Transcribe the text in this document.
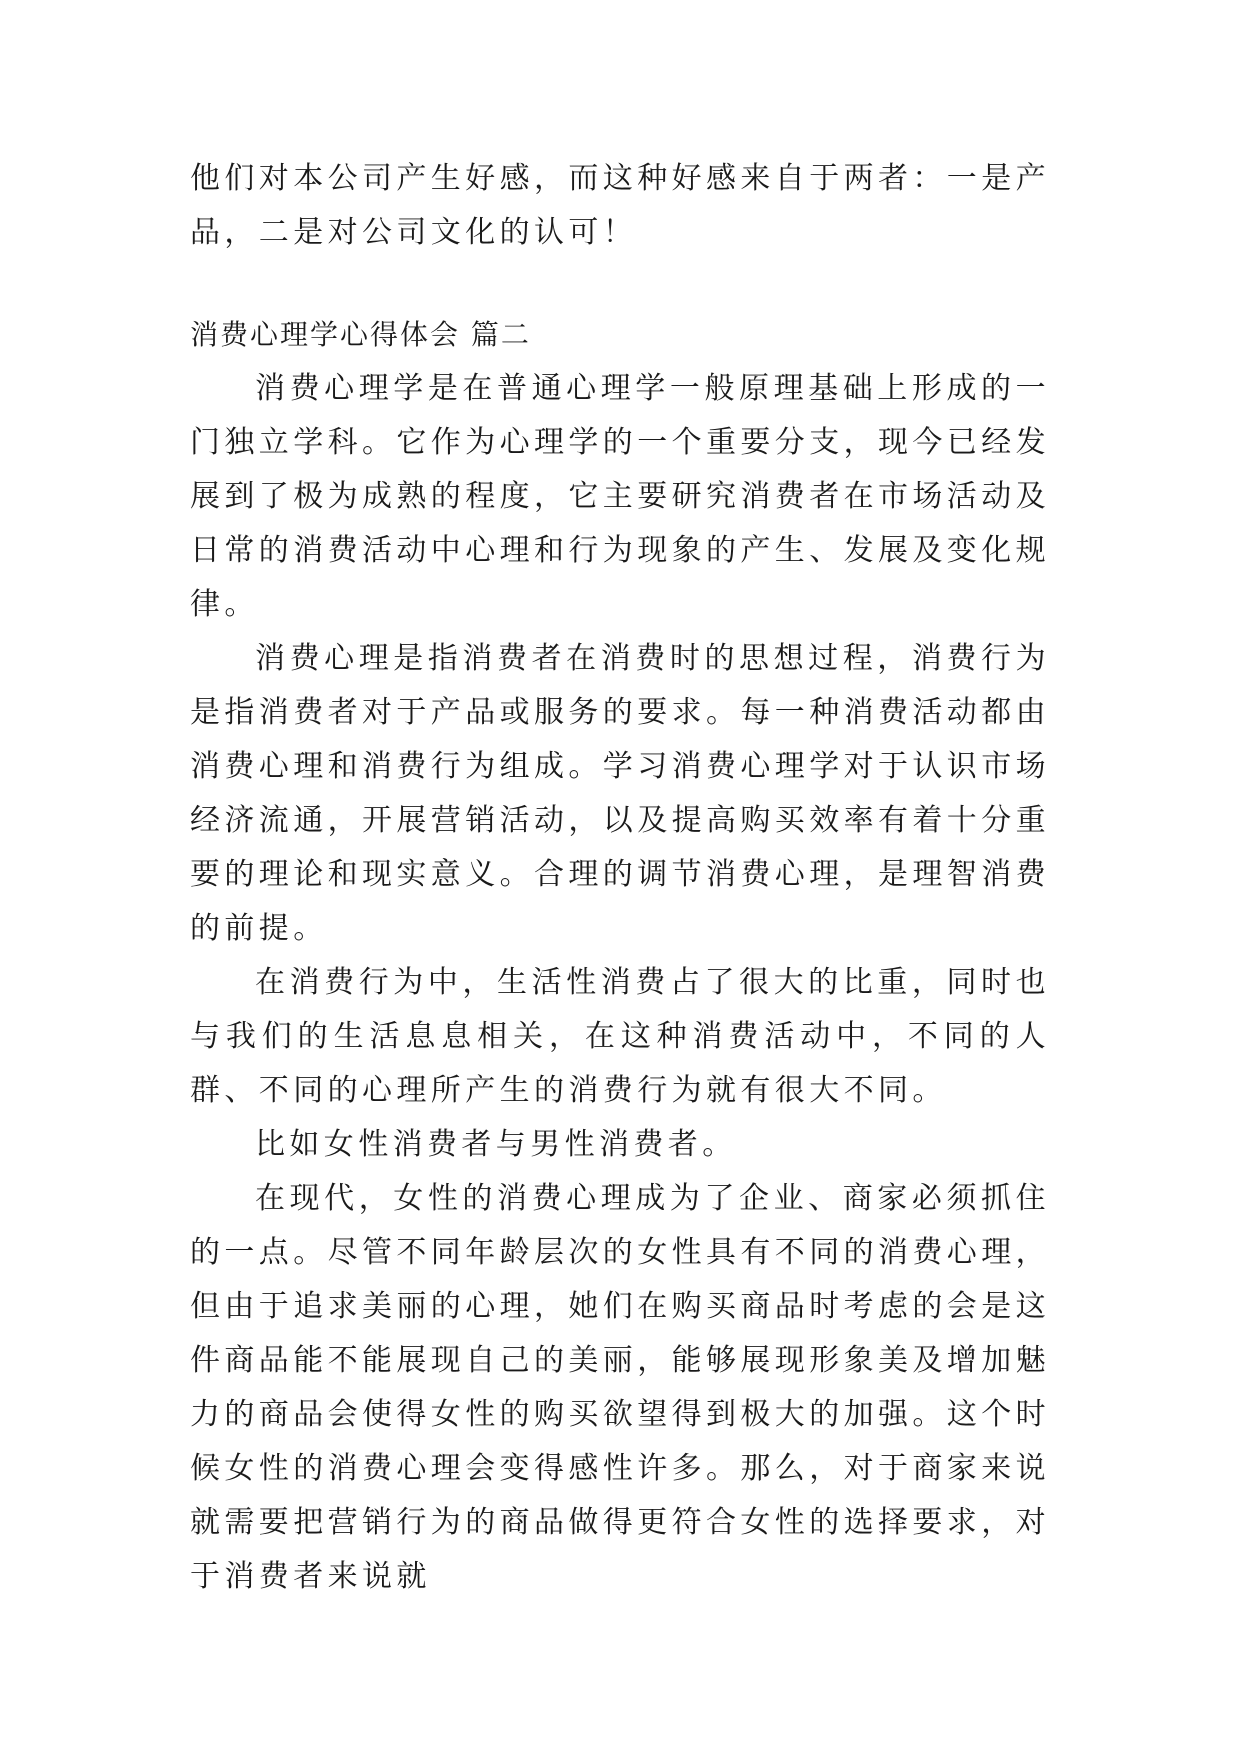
他们对本公司产生好感，而这种好感来自于两者：一是产品，二是对公司文化的认可！

消费心理学心得体会 篇二

消费心理学是在普通心理学一般原理基础上形成的一门独立学科。它作为心理学的一个重要分支，现今已经发展到了极为成熟的程度，它主要研究消费者在市场活动及日常的消费活动中心理和行为现象的产生、发展及变化规律。

消费心理是指消费者在消费时的思想过程，消费行为是指消费者对于产品或服务的要求。每一种消费活动都由消费心理和消费行为组成。学习消费心理学对于认识市场经济流通，开展营销活动，以及提高购买效率有着十分重要的理论和现实意义。合理的调节消费心理，是理智消费的前提。

在消费行为中，生活性消费占了很大的比重，同时也与我们的生活息息相关，在这种消费活动中，不同的人群、不同的心理所产生的消费行为就有很大不同。

比如女性消费者与男性消费者。

在现代，女性的消费心理成为了企业、商家必须抓住的一点。尽管不同年龄层次的女性具有不同的消费心理，但由于追求美丽的心理，她们在购买商品时考虑的会是这件商品能不能展现自己的美丽，能够展现形象美及增加魅力的商品会使得女性的购买欲望得到极大的加强。这个时候女性的消费心理会变得感性许多。那么，对于商家来说就需要把营销行为的商品做得更符合女性的选择要求，对于消费者来说就
